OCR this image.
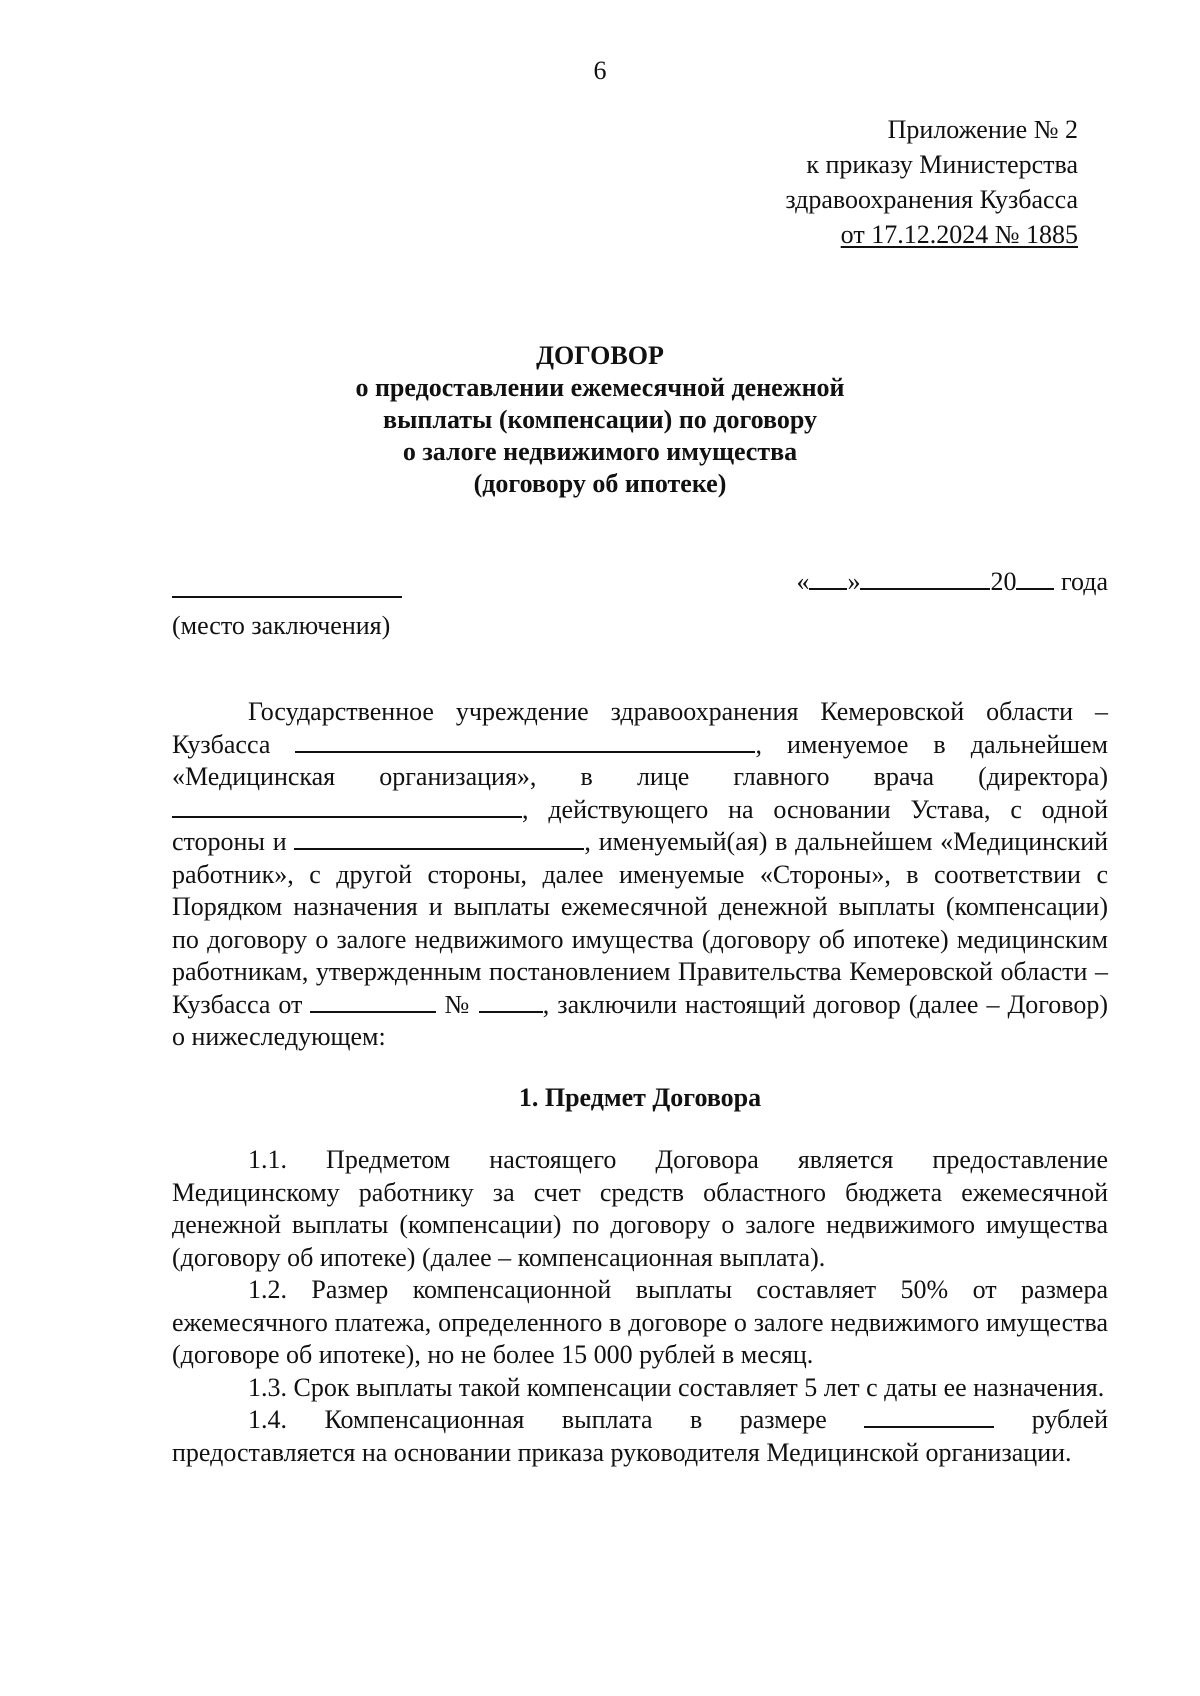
6
Приложение № 2
к приказу Министерства
здравоохранения Кузбасса
от 17.12.2024 № 1885
ДОГОВОР
о предоставлении ежемесячной денежной
выплаты (компенсации) по договору
о залоге недвижимого имущества
(договору об ипотеке)
(место заключения)
« »	20 года

Государственное учреждение здравоохранения Кемеровской области – Кузбасса	, именуемое в дальнейшем «Медицинская организация», в лице главного врача (директора) , действующего на основании Устава, с одной стороны и	, именуемый(ая) в дальнейшем «Медицинский работник», с другой стороны, далее именуемые «Стороны», в соответствии с Порядком назначения и выплаты ежемесячной денежной выплаты (компенсации) по договору о залоге недвижимого имущества (договору об ипотеке) медицинским работникам, утвержденным постановлением Правительства Кемеровской области – Кузбасса от	№	, заключили настоящий договор (далее – Договор) о нижеследующем:

1. Предмет Договора

1.1. Предметом настоящего Договора является предоставление Медицинскому работнику за счет средств областного бюджета ежемесячной денежной выплаты (компенсации) по договору о залоге недвижимого имущества (договору об ипотеке) (далее – компенсационная выплата).

1.2. Размер компенсационной выплаты составляет 50% от размера ежемесячного платежа, определенного в договоре о залоге недвижимого имущества (договоре об ипотеке), но не более 15 000 рублей в месяц.

1.3. Срок выплаты такой компенсации составляет 5 лет с даты ее назначения.

1.4. Компенсационная выплата в размере	рублей предоставляется на основании приказа руководителя Медицинской организации.
